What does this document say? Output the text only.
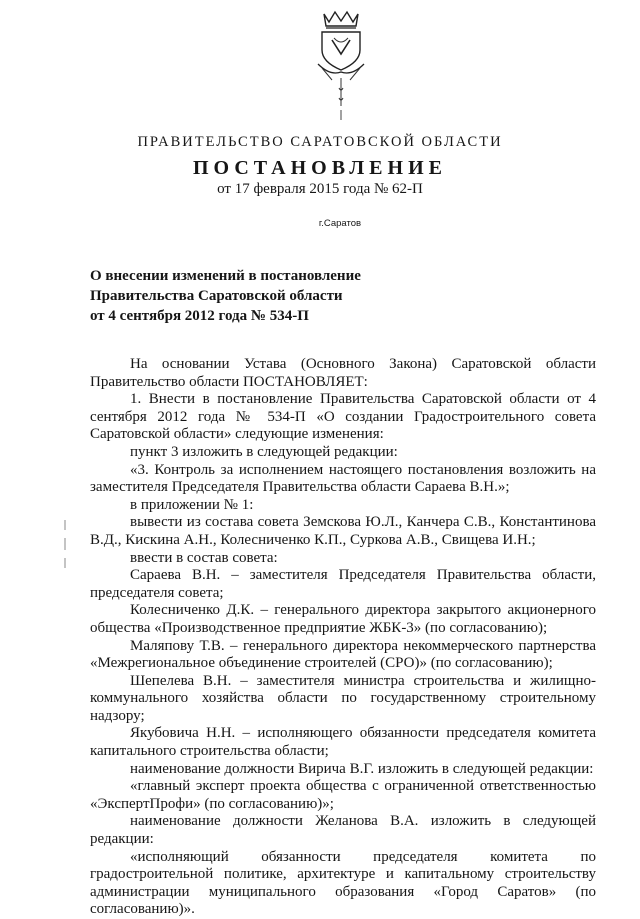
ПРАВИТЕЛЬСТВО САРАТОВСКОЙ ОБЛАСТИ
ПОСТАНОВЛЕНИЕ
от 17 февраля 2015 года № 62-П
г.Саратов
О внесении изменений в постановление
Правительства Саратовской области
от 4 сентября 2012 года № 534-П

На основании Устава (Основного Закона) Саратовской области Правительство области ПОСТАНОВЛЯЕТ:

1. Внести в постановление Правительства Саратовской области от 4 сентября 2012 года № 534-П «О создании Градостроительного совета Саратовской области» следующие изменения:

пункт 3 изложить в следующей редакции:

«3. Контроль за исполнением настоящего постановления возложить на заместителя Председателя Правительства области Сараева В.Н.»;

в приложении № 1:

вывести из состава совета Земскова Ю.Л., Канчера С.В., Константинова В.Д., Кискина А.Н., Колесниченко К.П., Суркова А.В., Свищева И.Н.;

ввести в состав совета:

Сараева В.Н. – заместителя Председателя Правительства области, председателя совета;

Колесниченко Д.К. – генерального директора закрытого акционерного общества «Производственное предприятие ЖБК-3» (по согласованию);

Маляпову Т.В. – генерального директора некоммерческого партнерства «Межрегиональное объединение строителей (СРО)» (по согласованию);

Шепелева В.Н. – заместителя министра строительства и жилищно-коммунального хозяйства области по государственному строительному надзору;

Якубовича Н.Н. – исполняющего обязанности председателя комитета капитального строительства области;

наименование должности Вирича В.Г. изложить в следующей редакции:

«главный эксперт проекта общества с ограниченной ответственностью «ЭкспертПрофи» (по согласованию)»;

наименование должности Желанова В.А. изложить в следующей редакции:

«исполняющий обязанности председателя комитета по градостроительной политике, архитектуре и капитальному строительству администрации муниципального образования «Город Саратов» (по согласованию)».
